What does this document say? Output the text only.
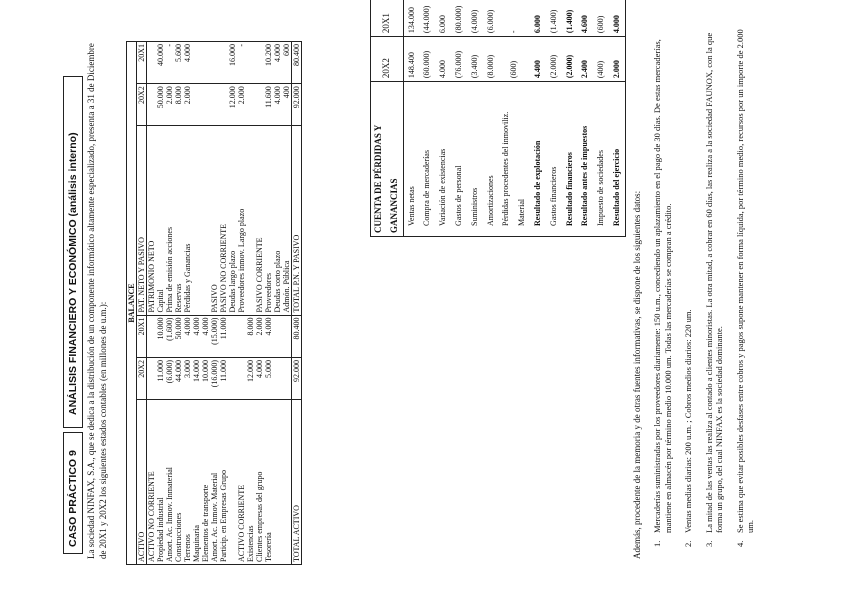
CASO PRÁCTICO 9
ANÁLISIS FINANCIERO Y ECONÓMICO (análisis interno) La sociedad NINFAX, S.A., que se dedica a la distribución de un componente informático altamente especializado, presenta a 31 de Diciembre de 20X1 y 20X2 los siguientes estados contables (en millones de u.m.): BALANCE					
ACTIVO	20X2	20X1	PAT. NETO Y PASIVO	20X2	20X1
ACTIVO NO CORRIENTE			PATRIMONIO NETO		
Propiedad industrial	11.000	10.000	Capital	50.000	40.000
Amort. Ac. Inmov. Inmaterial	(6.000)	(1.600)	Prima de emisión acciones	2.000	-
Construcciones	44.000	50.000	Reservas	8.000	5.600
Terrenos	3.000	4.000	Pérdidas y Ganancias	2.000	4.000
Maquinaria	14.000	4.000			
Elementos de transporte	10.000	4.000			
Amort. Ac. Inmov. Material	(16.000)	(15.000)	PASIVO		
Particip. en Empresas Grupo	11.000	11.000	PASIVO NO CORRIENTE		
			Deudas largo plazo	12.000	16.000
ACTIVO CORRIENTE			Proveedores inmov. Largo plazo	2.000	-
Existencias	12.000	8.000			
Clientes empresas del grupo	4.000	2.000	PASIVO CORRIENTE		
Tesorería	5.000	4.000	Proveedores	11.600	10.200
			Deudas corto plazo	4.000	4.000
			Admón. Pública	400	600
TOTAL ACTIVO	92.000	80.400	TOTAL P.N. Y PASIVO	92.000	80.400
CUENTA DE PÉRDIDAS Y GANANCIAS	20X2	20X1
Ventas netas	148.400	134.000
Compra de mercaderías	(60.000)	(44.000)
Variación de existencias	4.000	6.000
Gastos de personal	(76.000)	(80.000)
Suministros	(3.400)	(4.000)
Amortizaciones	(8.000)	(6.000)
Pérdidas procedentes del inmoviliz. Material	(600)	-
Resultado de explotación	4.400	6.000
Gastos financieros	(2.000)	(1.400)
Resultado financieros	(2.000)	(1.400)
Resultado antes de impuestos	2.400	4.600
Impuesto de sociedades	(400)	(600)
Resultado del ejercicio	2.000	4.000
Además, procedente de la memoria y de otras fuentes informativas, se dispone de los siguientes datos: 1.
Mercaderías suministradas por los proveedores diariamente: 150 u.m., concediendo un aplazamiento en el pago de 30 días. De estas mercaderías, mantiene en almacén por término medio 10.000 um. Todas las mercaderías se compran a crédito.
2.
Ventas medias diarias: 200 u.m. ; Cobros medios diarios: 220 um.
3.
La mitad de las ventas las realiza al contado a clientes minoristas. La otra mitad, a cobrar en 60 días, las realiza a la sociedad FAUNOX, con la que forma un grupo, del cual NINFAX es la sociedad dominante.
4.
Se estima que evitar posibles desfases entre cobros y pagos supone mantener en forma líquida, por término medio, recursos por un importe de 2.000 um.
